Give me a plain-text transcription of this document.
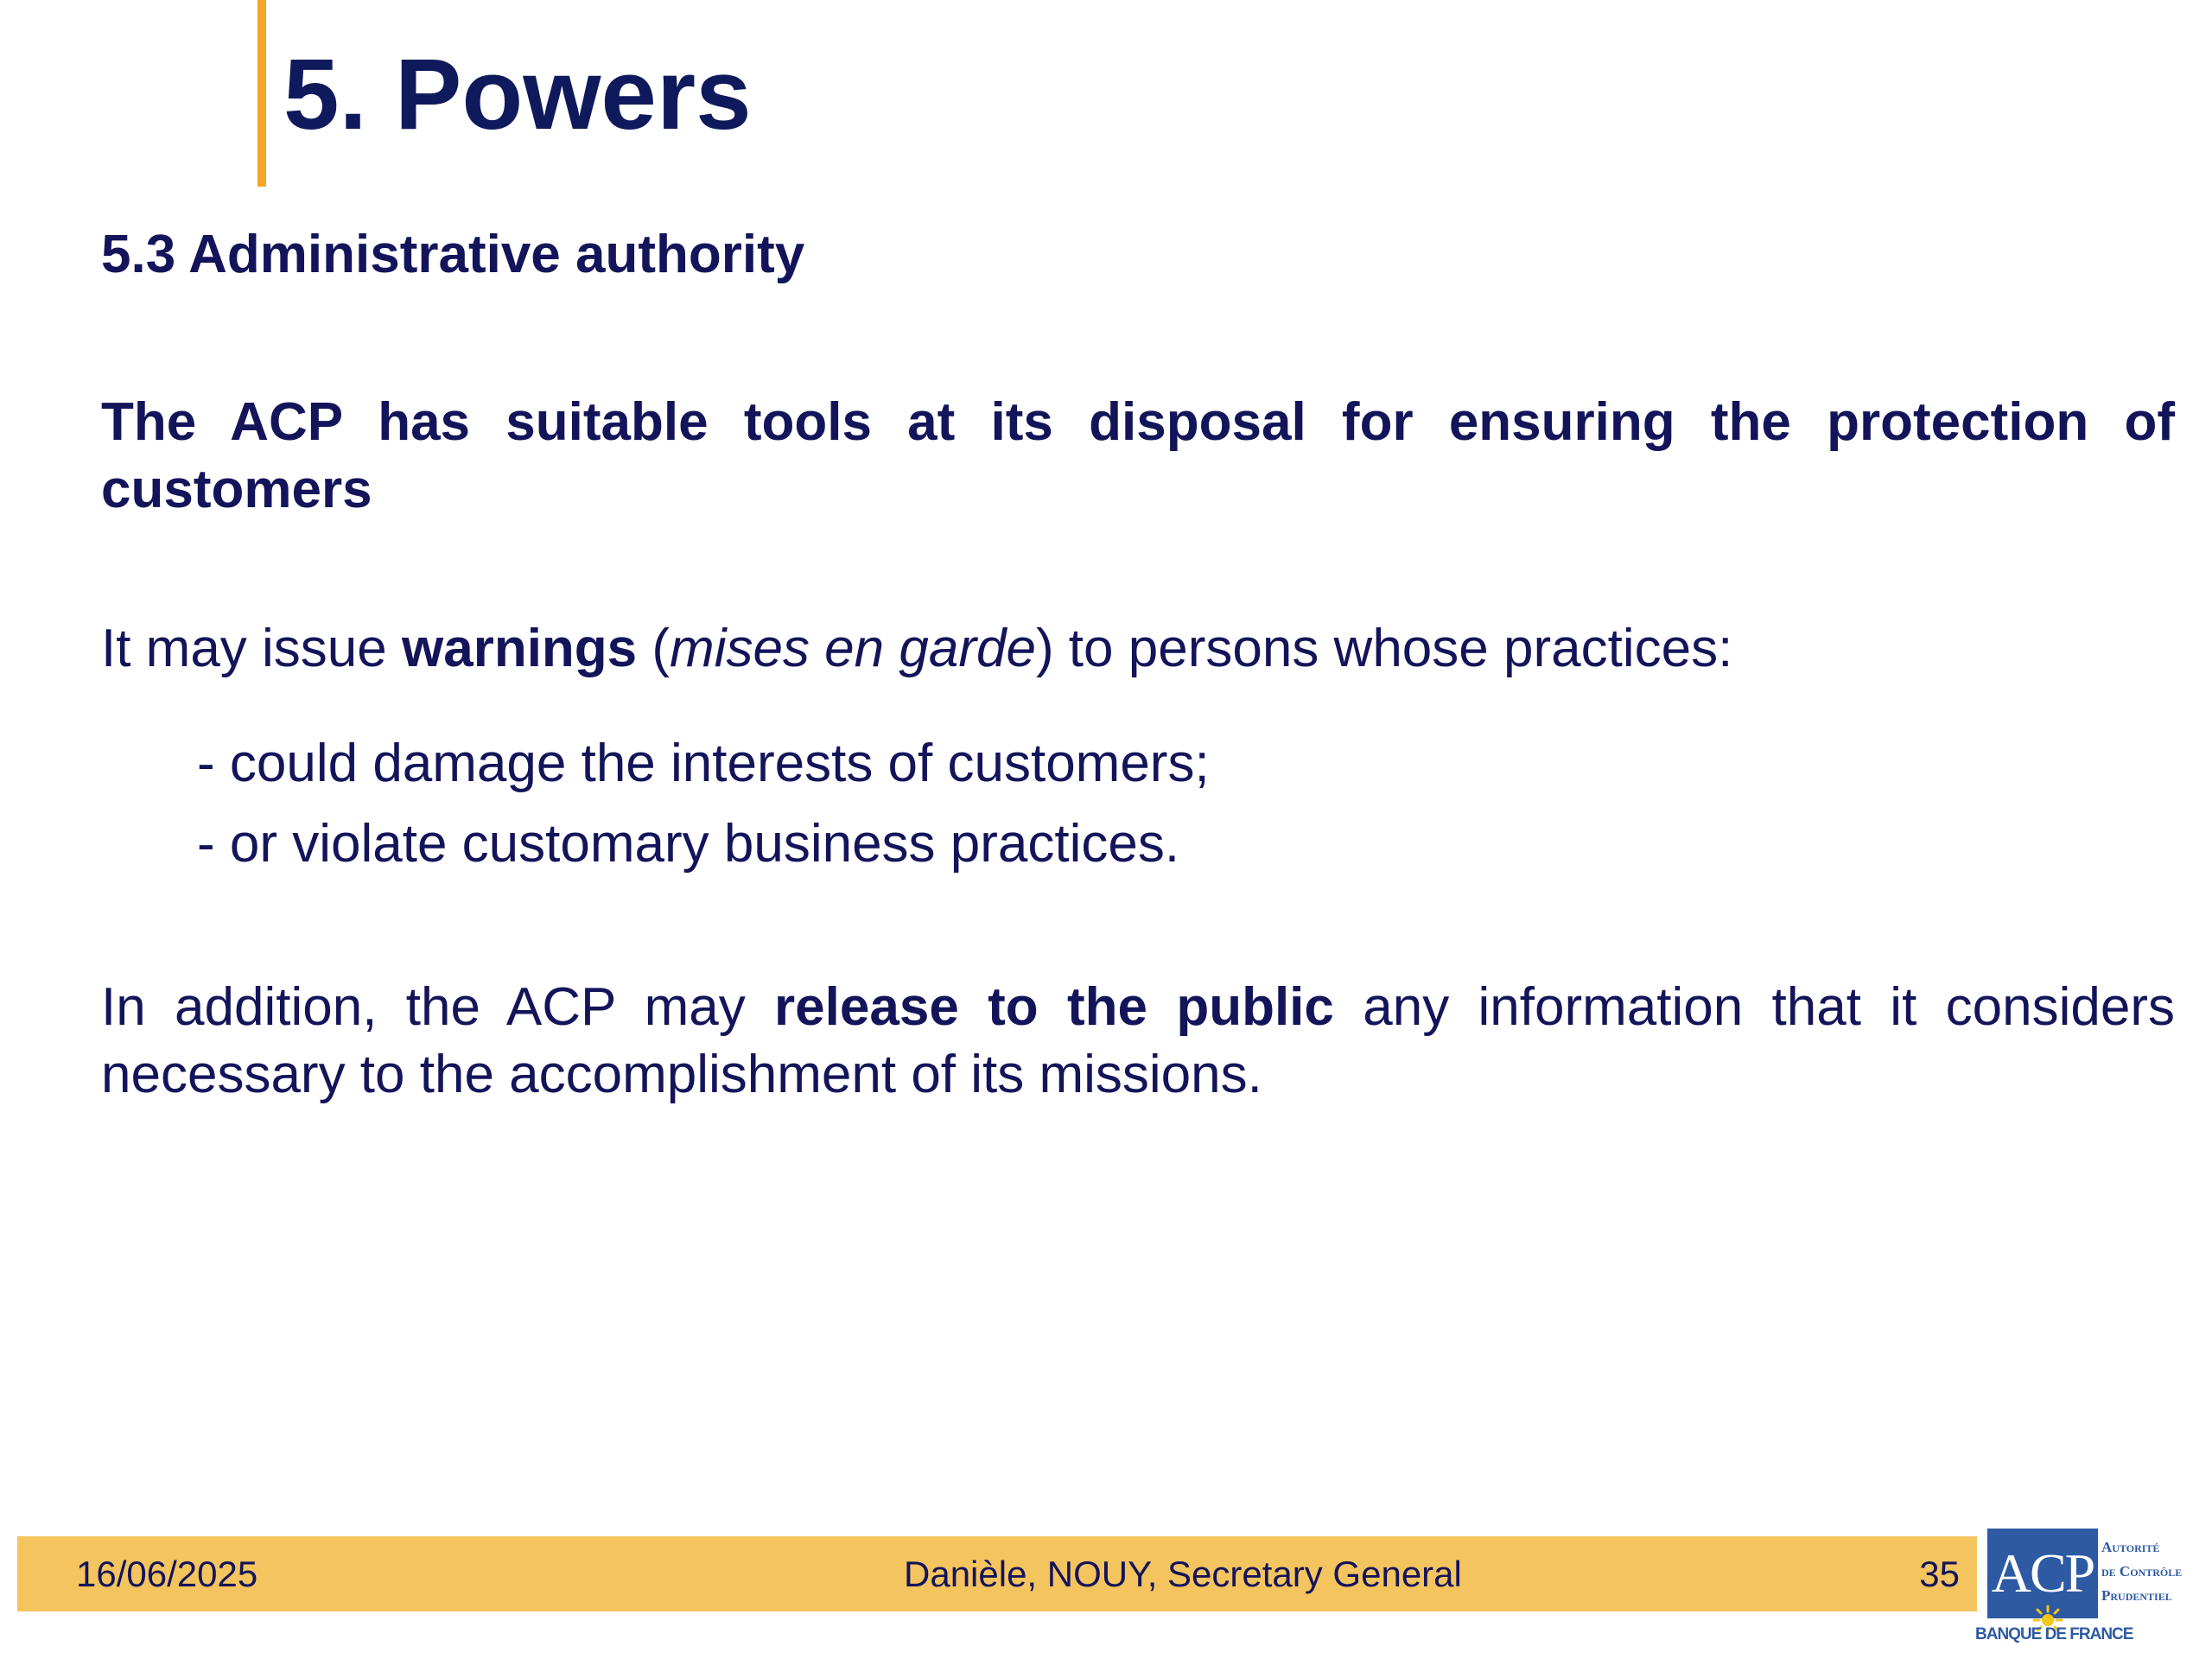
5. Powers
5.3 Administrative authority

The ACP has suitable tools at its disposal for ensuring the protection of customers

It may issue warnings (mises en garde) to persons whose practices:

- could damage the interests of customers;
- or violate customary business practices.

In addition, the ACP may release to the public any information that it considers necessary to the accomplishment of its missions.

16/06/2025	Danièle, NOUY, Secretary General	35 ACP Autorité
de Contrôle
Prudentiel
BANQUE DE FRANCE
